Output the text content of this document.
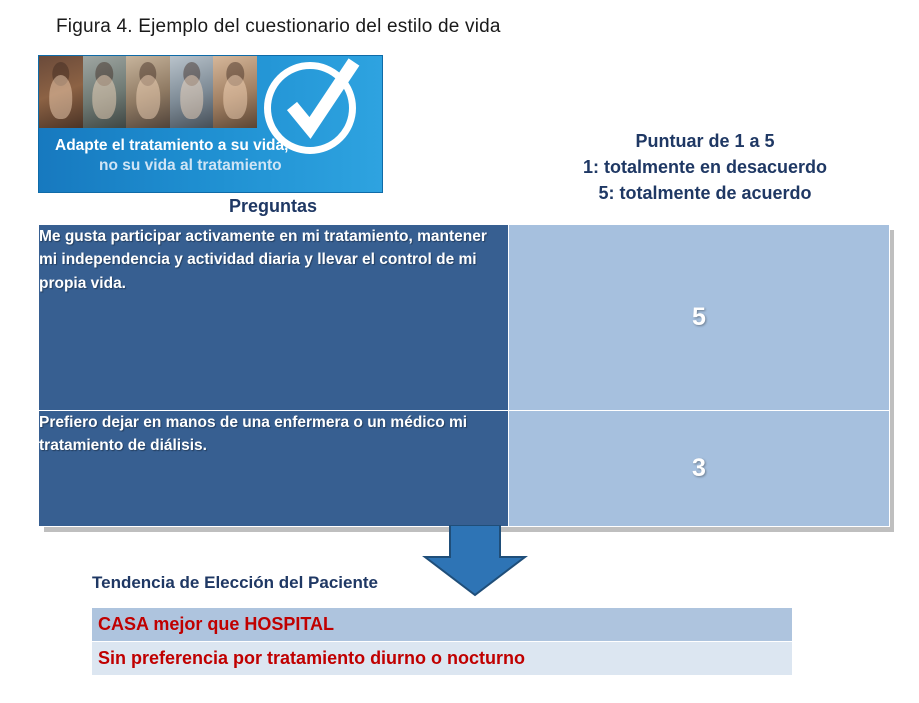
Figura 4. Ejemplo del cuestionario del estilo de vida
Adapte el tratamiento a su vida,
no su vida al tratamiento
Puntuar de 1 a 5
1: totalmente en desacuerdo
5: totalmente de acuerdo
Preguntas
Me gusta participar activamente en mi tratamiento, mantener mi independencia y actividad diaria y llevar el control de mi propia vida.	5
Prefiero dejar en manos de una enfermera o un médico mi tratamiento de diálisis.	3
Tendencia de Elección del Paciente
CASA mejor que HOSPITAL
Sin preferencia por tratamiento diurno o nocturno
